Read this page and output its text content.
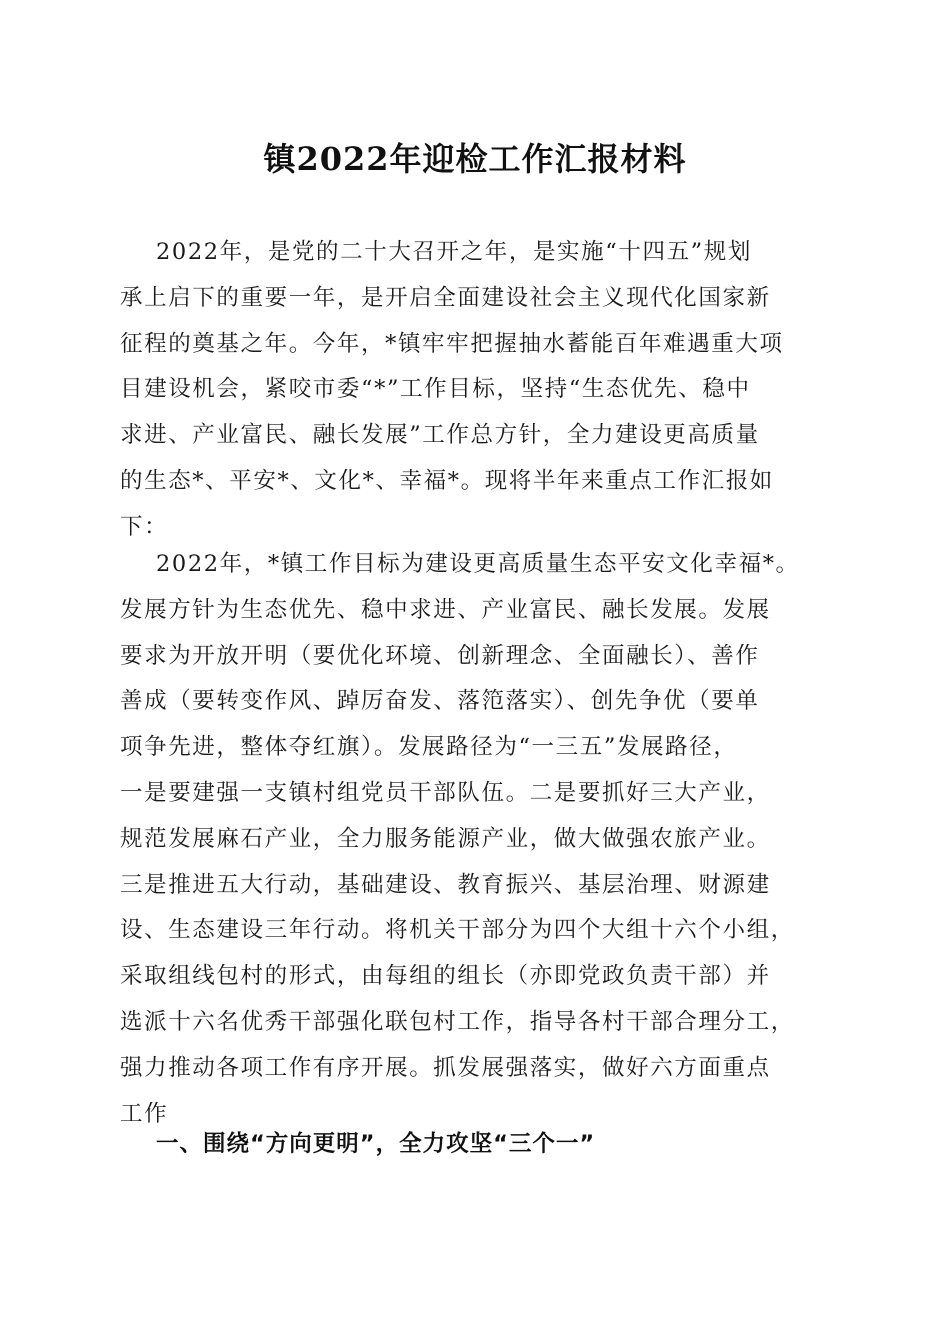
镇2022年迎检工作汇报材料
2022年，是党的二十大召开之年，是实施“十四五”规划
承上启下的重要一年，是开启全面建设社会主义现代化国家新
征程的奠基之年。今年，*镇牢牢把握抽水蓄能百年难遇重大项
目建设机会，紧咬市委“*”工作目标，坚持“生态优先、稳中
求进、产业富民、融长发展”工作总方针，全力建设更高质量
的生态*、平安*、文化*、幸福*。现将半年来重点工作汇报如
下：
2022年，*镇工作目标为建设更高质量生态平安文化幸福*。
发展方针为生态优先、稳中求进、产业富民、融长发展。发展
要求为开放开明（要优化环境、创新理念、全面融长）、善作
善成（要转变作风、踔厉奋发、落笵落实）、创先争优（要单
项争先进，整体夺红旗）。发展路径为“一三五”发展路径，
一是要建强一支镇村组党员干部队伍。二是要抓好三大产业，
规范发展麻石产业，全力服务能源产业，做大做强农旅产业。
三是推进五大行动，基础建设、教育振兴、基层治理、财源建
设、生态建设三年行动。将机关干部分为四个大组十六个小组，
采取组线包村的形式，由每组的组长（亦即党政负责干部）并
选派十六名优秀干部强化联包村工作，指导各村干部合理分工，
强力推动各项工作有序开展。抓发展强落实，做好六方面重点
工作
一、围绕“方向更明”，全力攻坚“三个一”
